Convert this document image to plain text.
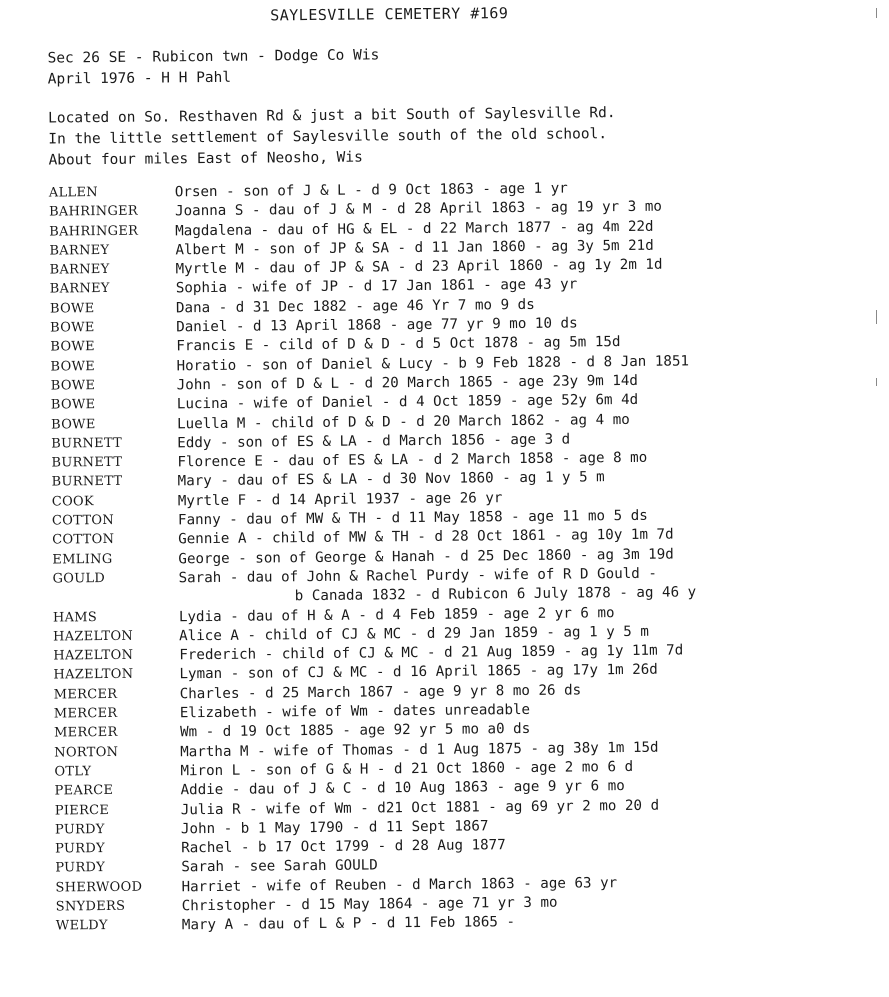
SAYLESVILLE CEMETERY #169
Sec 26 SE - Rubicon twn - Dodge Co Wis
April 1976 - H H Pahl
Located on So. Resthaven Rd & just a bit South of Saylesville Rd.
In the little settlement of Saylesville south of the old school.
About four miles East of Neosho, Wis
ALLEN	Orsen - son of J & L - d 9 Oct 1863 - age 1 yr
BAHRINGER	Joanna S - dau of J & M - d 28 April 1863 - ag 19 yr 3 mo
BAHRINGER	Magdalena - dau of HG & EL - d 22 March 1877 - ag 4m 22d
BARNEY	Albert M - son of JP & SA - d 11 Jan 1860 - ag 3y 5m 21d
BARNEY	Myrtle M - dau of JP & SA - d 23 April 1860 - ag 1y 2m 1d
BARNEY	Sophia - wife of JP - d 17 Jan 1861 - age 43 yr
BOWE	Dana - d 31 Dec 1882 - age 46 Yr 7 mo 9 ds
BOWE	Daniel - d 13 April 1868 - age 77 yr 9 mo 10 ds
BOWE	Francis E - cild of D & D - d 5 Oct 1878 - ag 5m 15d
BOWE	Horatio - son of Daniel & Lucy - b 9 Feb 1828 - d 8 Jan 1851
BOWE	John - son of D & L - d 20 March 1865 - age 23y 9m 14d
BOWE	Lucina - wife of Daniel - d 4 Oct 1859 - age 52y 6m 4d
BOWE	Luella M - child of D & D - d 20 March 1862 - ag 4 mo
BURNETT	Eddy - son of ES & LA - d March 1856 - age 3 d
BURNETT	Florence E - dau of ES & LA - d 2 March 1858 - age 8 mo
BURNETT	Mary - dau of ES & LA - d 30 Nov 1860 - ag 1 y 5 m
COOK	Myrtle F - d 14 April 1937 - age 26 yr
COTTON	Fanny - dau of MW & TH - d 11 May 1858 - age 11 mo 5 ds
COTTON	Gennie A - child of MW & TH - d 28 Oct 1861 - ag 10y 1m 7d
EMLING	George - son of George & Hanah - d 25 Dec 1860 - ag 3m 19d
GOULD	Sarah - dau of John & Rachel Purdy - wife of R D Gould -
b Canada 1832 - d Rubicon 6 July 1878 - ag 46 y
HAMS	Lydia - dau of H & A - d 4 Feb 1859 - age 2 yr 6 mo
HAZELTON	Alice A - child of CJ & MC - d 29 Jan 1859 - ag 1 y 5 m
HAZELTON	Frederich - child of CJ & MC - d 21 Aug 1859 - ag 1y 11m 7d
HAZELTON	Lyman - son of CJ & MC - d 16 April 1865 - ag 17y 1m 26d
MERCER	Charles - d 25 March 1867 - age 9 yr 8 mo 26 ds
MERCER	Elizabeth - wife of Wm - dates unreadable
MERCER	Wm - d 19 Oct 1885 - age 92 yr 5 mo a0 ds
NORTON	Martha M - wife of Thomas - d 1 Aug 1875 - ag 38y 1m 15d
OTLY	Miron L - son of G & H - d 21 Oct 1860 - age 2 mo 6 d
PEARCE	Addie - dau of J & C - d 10 Aug 1863 - age 9 yr 6 mo
PIERCE	Julia R - wife of Wm - d21 Oct 1881 - ag 69 yr 2 mo 20 d
PURDY	John - b 1 May 1790 - d 11 Sept 1867
PURDY	Rachel - b 17 Oct 1799 - d 28 Aug 1877
PURDY	Sarah - see Sarah GOULD
SHERWOOD	Harriet - wife of Reuben - d March 1863 - age 63 yr
SNYDERS	Christopher - d 15 May 1864 - age 71 yr 3 mo
WELDY	Mary A - dau of L & P - d 11 Feb 1865 -
